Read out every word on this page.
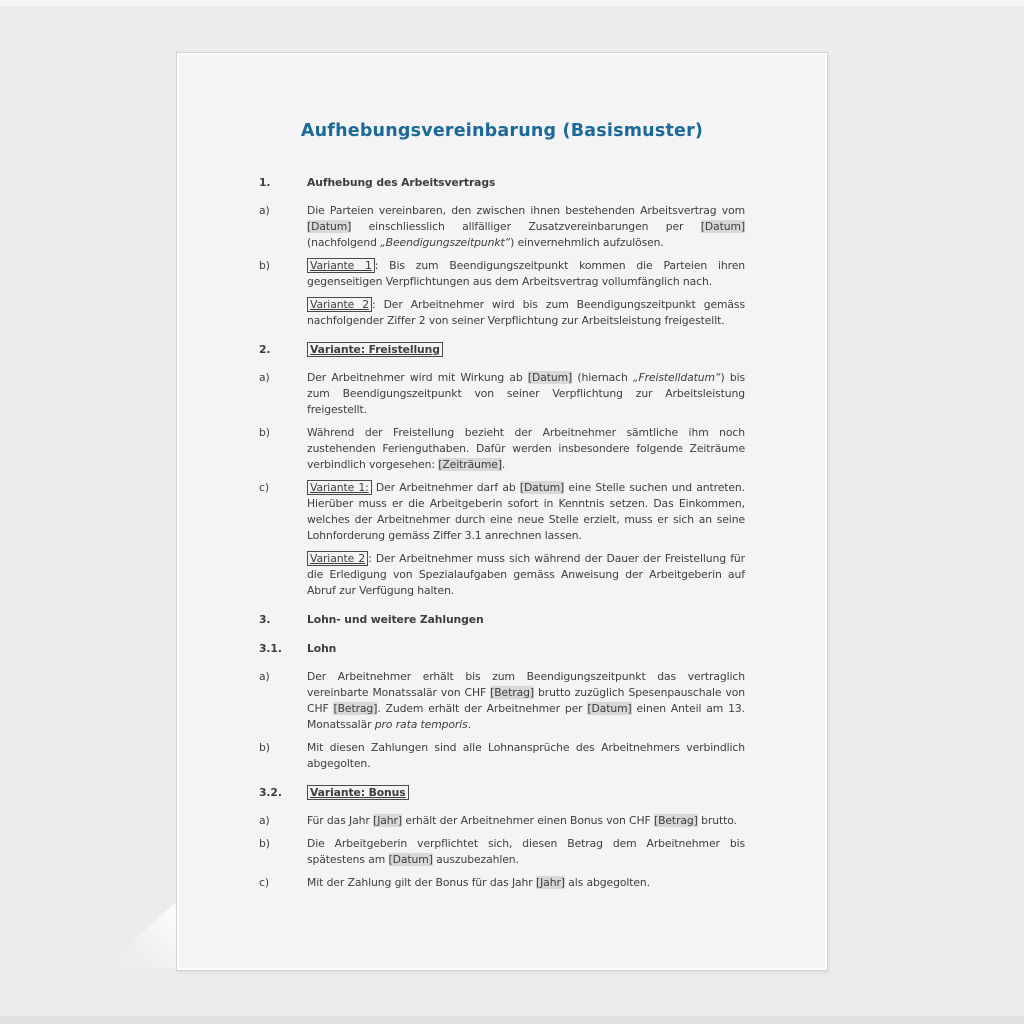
Aufhebungsvereinbarung (Basismuster)
1.	Aufhebung des Arbeitsvertrags
a)	Die Parteien vereinbaren, den zwischen ihnen bestehenden Arbeitsvertrag vom [Datum] einschliesslich allfälliger Zusatzvereinbarungen per [Datum] (nachfolgend „Beendigungszeitpunkt“) einvernehmlich aufzulösen.
b)	Variante 1 : Bis zum Beendigungszeitpunkt kommen die Parteien ihren gegenseitigen Verpflichtungen aus dem Arbeitsvertrag vollumfänglich nach.
Variante 2 : Der Arbeitnehmer wird bis zum Beendigungszeitpunkt gemäss nachfolgender Ziffer 2 von seiner Verpflichtung zur Arbeitsleistung freigestellt.
2.	Variante: Freistellung
a)	Der Arbeitnehmer wird mit Wirkung ab [Datum] (hiernach „Freistelldatum“) bis zum Beendigungszeitpunkt von seiner Verpflichtung zur Arbeitsleistung freigestellt.
b)	Während der Freistellung bezieht der Arbeitnehmer sämtliche ihm noch zustehenden Ferienguthaben. Dafür werden insbesondere folgende Zeiträume verbindlich vorgesehen: [Zeiträume].
c)	Variante 1: Der Arbeitnehmer darf ab [Datum] eine Stelle suchen und antreten. Hierüber muss er die Arbeitgeberin sofort in Kenntnis setzen. Das Einkommen, welches der Arbeitnehmer durch eine neue Stelle erzielt, muss er sich an seine Lohnforderung gemäss Ziffer 3.1 anrechnen lassen.
Variante 2 : Der Arbeitnehmer muss sich während der Dauer der Freistellung für die Erledigung von Spezialaufgaben gemäss Anweisung der Arbeitgeberin auf Abruf zur Verfügung halten.
3.	Lohn- und weitere Zahlungen
3.1.	Lohn
a)	Der Arbeitnehmer erhält bis zum Beendigungszeitpunkt das vertraglich vereinbarte Monatssalär von CHF [Betrag] brutto zuzüglich Spesenpauschale von CHF [Betrag]. Zudem erhält der Arbeitnehmer per [Datum] einen Anteil am 13. Monatssalär pro rata temporis.
b)	Mit diesen Zahlungen sind alle Lohnansprüche des Arbeitnehmers verbindlich abgegolten.
3.2.	Variante: Bonus
a)	Für das Jahr [Jahr] erhält der Arbeitnehmer einen Bonus von CHF [Betrag] brutto.
b)	Die Arbeitgeberin verpflichtet sich, diesen Betrag dem Arbeitnehmer bis spätestens am [Datum] auszubezahlen.
c)	Mit der Zahlung gilt der Bonus für das Jahr [Jahr] als abgegolten.
